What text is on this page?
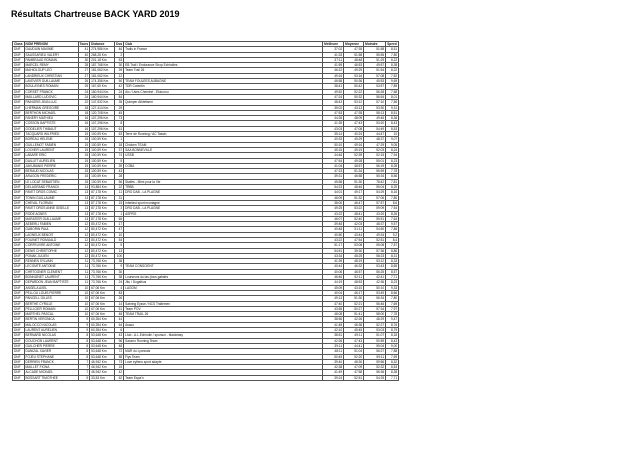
Résultats Chartreuse BACK YARD 2019
Class	NOM PRENOM	Tours	Distance	Dos	Club	Meilleure	Moyenne	Moindre	Speed
DNF	GAUDUIN MAXIME	41	274,986 Km	46	Trails in France	37:02	47:35	51:58	8,51
DNF	SAUSSARIEU VALERY	40	268,28 Km	2		41:33	51:58	55:55	7,80
DNF	PAMBRAUD ROMAIN	30	201,18 Km	53		37:11	48:48	51:29	8,22
DNF	MARCEL REMY	28	187,768 Km	30	EB Trail / Endurance Shop Echirolles	41:59	46:53	49:57	8,38
DNF	MAHIOLOUP LEO	27	181,062 Km	39	Team Trail 26	46:22	49:29	51:54	8,22
DNF	LANDRIEUX CHRISTIAN	27	181,062 Km	12		49:16	53:16	57:08	7,52
DNF	LAVEVIER GUILLAUME	26	174,356 Km	50	TEAM FOULEES AUBAGNE	46:58	50:36	45:53	9,69
DNF	BOULAYNES ROMAIN	25	167,65 Km	42	TDR Cotentin	38:41	50:42	53:57	7,89
DNF	CORSET FRANCK	24	160,944 Km	24	Aix / Uses Cheminé - Ekiourou	49:52	52:22	56:28	7,68
DNF	MAILLARD LUDOVIC	24	160,944 Km	84		47:24	50:32	56:54	8,01
DNF	PAINGRIS JEAN-LUC	22	147,532 Km	35	Quimper Athletisme	48:43	53:12	57:10	7,56
DNF	LHERMAN GREGOIRE	18	127,414 Km	29		35:02	43:13	53:30	9,31
DNF	BERTHON MICHAEL	18	120,708 Km	45		47:53	47:35	58:13	8,51
DNF	FANERY MATHIEU	16	107,296 Km	73		44:28	48:09	49:46	8,36
DNF	COSSON BAPTISTE	16	107,296 Km	8		41:35	47:43	53:20	8,43
DNF	GODELIER THIBAUT	16	107,296 Km	61		43:03	47:08	54:49	8,53
DNF	TACQUARD WILFRIED	15	100,59 Km	63	Terre de Running / AC Tassin	35:14	40:24	44:47	10
DNF	BOREAU HELENE	15	100,59 Km	1		40:33	45:29	48:37	9,07
DNF	GUILLEMOT FABIEN	15	100,59 Km	18	Chicken TEAM	50:10	49:16	47:29	9,05
DNF	LOCHER LAURENT	15	100,59 Km	37	SAA BONNEVILLE	45:15	49:19	52:03	8,24
DNF	LABARE ERIC	15	100,59 Km	74	USSB	44:46	52:39	52:15	7,94
DNF	DAILLET AURELIEN	15	100,59 Km	5		47:54	49:28	55:01	8,23
DNF	JAKUBANIS PIERRE	15	100,59 Km	39	COBA	41:04	48:57	56:19	8,28
DNF	BERAUD NICOLAS	15	100,59 Km	43		47:23	51:34	56:59	7,78
DNF	ARAGON FREDERIC	15	100,59 Km	28		39:31	46:58	55:34	8,56
DNF	LE LOCAT SEBASTIEN	15	100,59 Km	56	Stalles - Mimi pour la Vie	45:58	51:30	78:42	7,81
DNF	DELAGRAND FRANCK	14	93,884 Km	22	TRBB	54:23	48:46	55:04	8,25
DNF	FAVET DROS COMIC	13	87,178 Km	11	DRO DAB - LA PLAGNE	44:01	49:17	54:29	8,16
DNF	TONIN GUILLAUME	13	87,178 Km	31		46:09	51:32	57:06	7,80
DNF	CHEVAL FLORIAN	13	87,178 Km	15	Interfast sport montagne	38:00	46:47	57:57	8,6
DNF	FAVET DROS ANNE GISELLE	13	87,178 Km	3	DRO DAB - LA PLAGNE	49:25	53:22	59:09	7,54
DNF	RODE AGNES	13	87,178 Km	1	ASPRG	43:22	48:41	43:20	8,26
DNF	MARATIER GUILLAUME	13	87,178 Km	65		46:07	52:40	59:51	7,64
DNF	AEBERLI FABIEN	12	80,472 Km	17		39:48	42:03	48:37	9,57
DNF	GABORIN PAUL	12	80,472 Km	47		40:48	51:11	54:50	7,86
DNF	LAGNEUX BENOIT	12	80,472 Km	10		40:50	43:44	49:34	9,2
DNF	FOUINET ROMUALD	12	80,472 Km	54		43:22	47:54	52:51	8,4
DNF	CORFEUVRE ANTOINE	12	80,472 Km	5		51:17	53:08	55:08	7,57
DNF	DENIS CHRISTOPHE	12	80,472 Km	13		54:51	35:30	57:36	8,86
DNF	PONAK JULIEN	12	80,472 Km	100		43:34	48:25	58:23	8,31
DNF	RENNEN SYLVAIN	11	73,766 Km	38		41:39	48:19	53:12	8,33
DNF	LECOMTE ANTOINE	11	73,766 Km	9	TEAM CONSCIENT	40:44	46:32	53:43	8,65
DNF	CHRTOGNER CLEMENT	11	73,766 Km	30		40:06	46:57	56:25	8,57
DNF	BONNIZNET LAURENT	11	73,766 Km	38	Lourseurs du las (tous gabairs	46:46	52:11	42:41	7,71
DNF	DEPARDON JEAN BAPTISTE	11	73,766 Km	24	Jitu / Dogalbus	44:19	48:53	42:36	8,23
DNF	ANGELA AXEL	10	67,06 Km	4	LAGOM	45:09	43:10	50:10	9,33
DNF	PELLOU LOUIS PIERRE	10	67,06 Km	83		40:04	46:17	53:49	8,66
DNF	PANCELL GILLES	10	67,06 Km	26		49:13	51:30	56:34	7,80
DNF	BERTHE CYRILLE	10	67,06 Km	14	Sabring Eysse / NCS Trailemen	47:40	52:21	56:46	7,69
DNF	PELLICIER ROMAIN	10	67,06 Km	51	Team POV	43:55	50:27	57:34	7,97
DNF	MARTHEL PASCAL	10	67,06 Km	48	TEAM TRAIL 26	48:08	51:41	58:00	7,78
DNF	BERTIN VERONICA	9	60,354 Km	44		38:56	42:26	48:29	9,47
DNF	MALOCCO NICOLAS	9	60,354 Km	64	Asaco	41:48	46:38	52:27	8,76
DNF	LAURENT AURELIEN	9	60,354 Km	6		42:10	45:45	53:03	8,79
DNF	BERNARD NICOLAS	8	53,648 Km	43	Ltub - A.L.Echirolle / sponsor - blackeasy	38:51	49:11	51:07	8,18
DNF	GOUCHON LAURENT	8	53,648 Km	96	Salomo Running Team	42:26	47:43	50:59	8,43
DNF	GUILCHER PIERRE	8	53,648 Km	48		39:11	44:41	55:04	9,00
DNF	DANIZAL XAVIER	8	53,648 Km	72	MAR du Lyonnais	48:11	51:04	56:27	7,88
DNF	FOJEU STEPHANE	8	53,648 Km	58	Flys Team	50:45	52:20	59:11	7,69
DNF	DERRIEN FRANCK	7	46,942 Km	73	Love eyliens sport adapte	39:40	48:30	59:56	8,32
DNF	MAILLET FIONA	7	46,942 Km	15		42:38	47:09	52:32	8,53
DNF	ALCADE MICKAEL	7	46,942 Km	42		41:49	47:58	56:36	8,38
DNF	BOSSART TIMOTHEE	5	33,53 Km	62	Team Espa'n	39:24	52:51	54:25	7,71
